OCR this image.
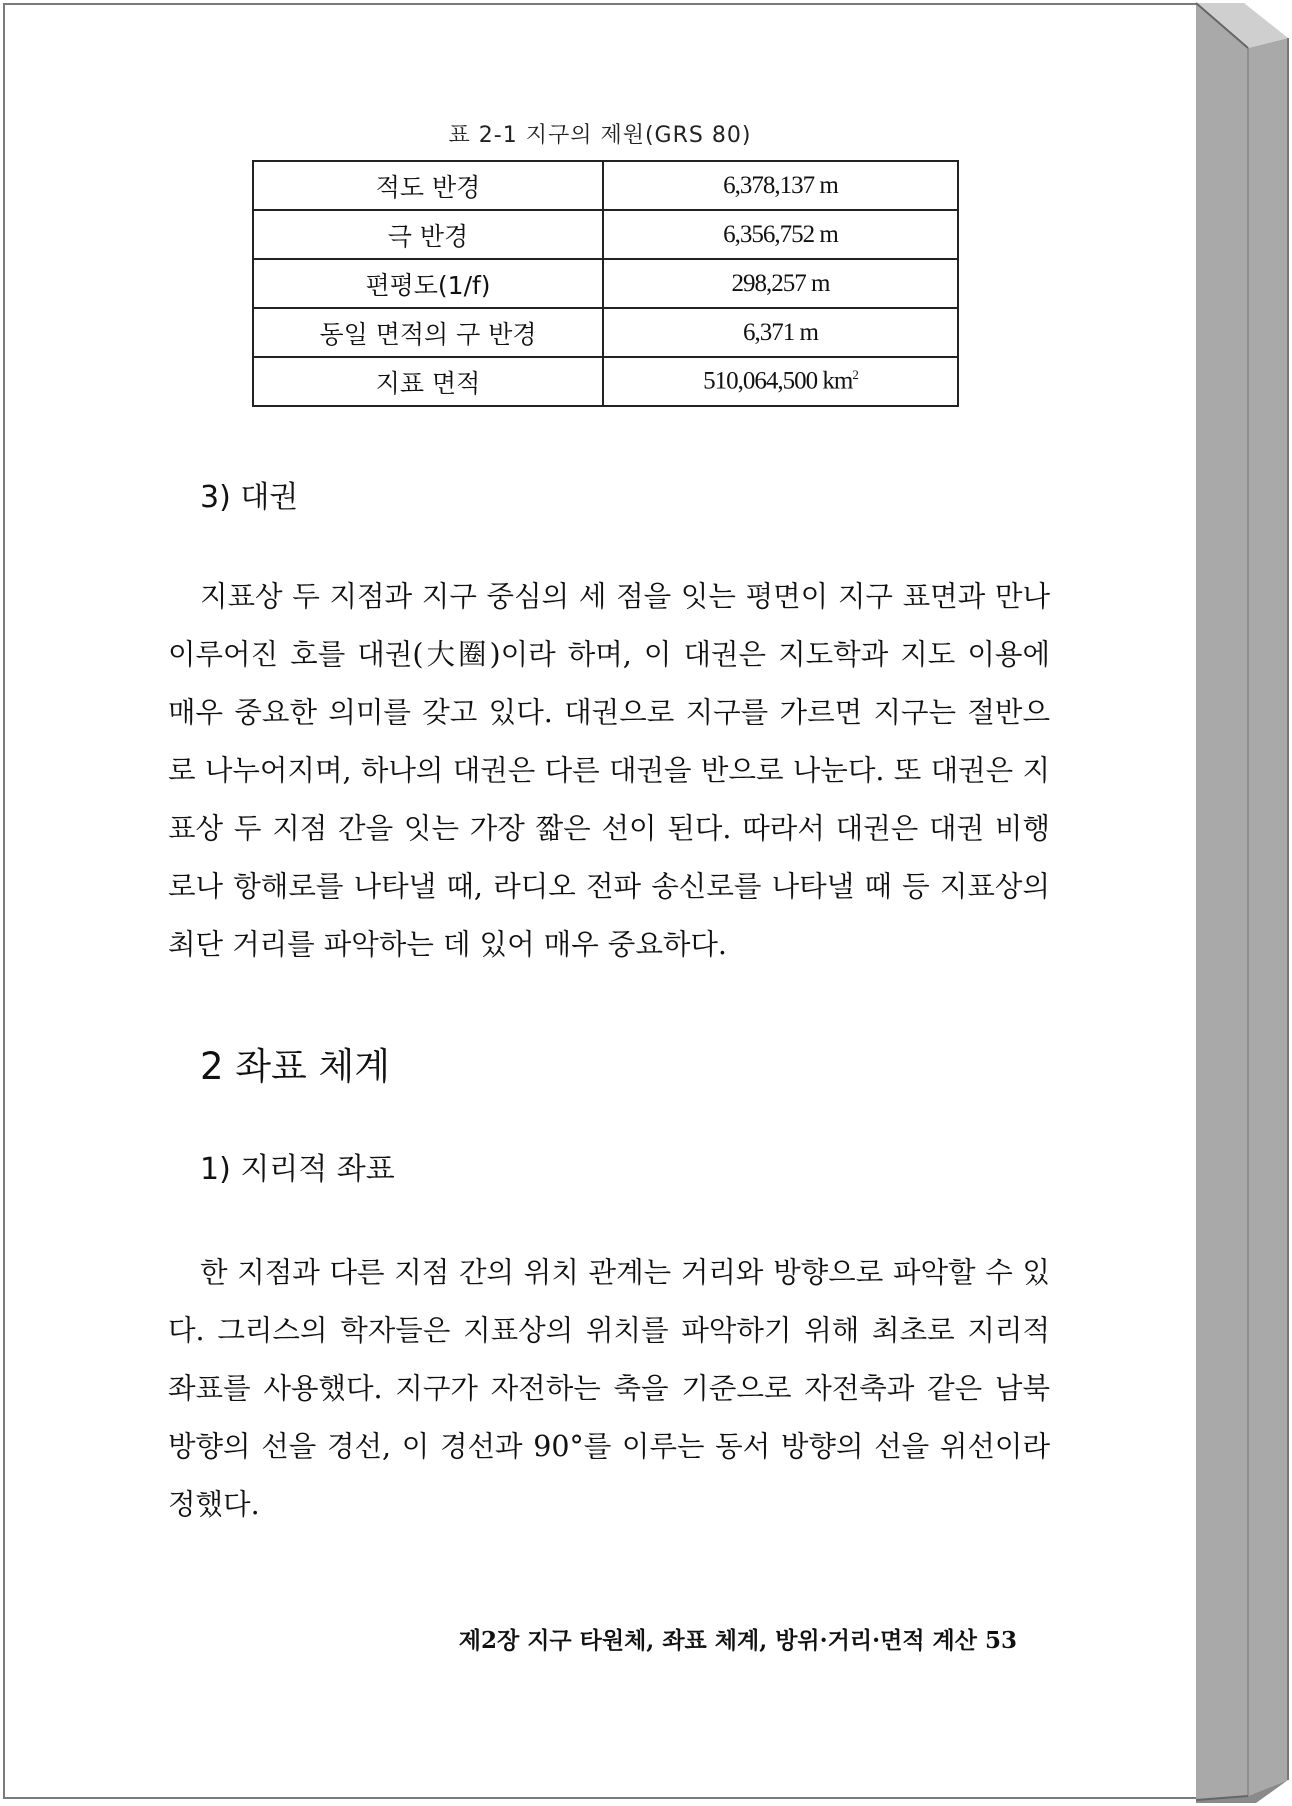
표 2-1 지구의 제원(GRS 80)
적도 반경	6,378,137 m
극 반경	6,356,752 m
편평도(1/f)	298,257 m
동일 면적의 구 반경	6,371 m
지표 면적	510,064,500 $km^2$
3) 대권
지표상 두 지점과 지구 중심의 세 점을 잇는 평면이 지구 표면과 만나 이루어진 호를 대권(大圈)이라 하며, 이 대권은 지도학과 지도 이용에 매우 중요한 의미를 갖고 있다. 대권으로 지구를 가르면 지구는 절반으로 나누어지며, 하나의 대권은 다른 대권을 반으로 나눈다. 또 대권은 지표상 두 지점 간을 잇는 가장 짧은 선이 된다. 따라서 대권은 대권 비행로나 항해로를 나타낼 때, 라디오 전파 송신로를 나타낼 때 등 지표상의 최단 거리를 파악하는 데 있어 매우 중요하다.
2 좌표 체계
1) 지리적 좌표
한 지점과 다른 지점 간의 위치 관계는 거리와 방향으로 파악할 수 있다. 그리스의 학자들은 지표상의 위치를 파악하기 위해 최초로 지리적 좌표를 사용했다. 지구가 자전하는 축을 기준으로 자전축과 같은 남북 방향의 선을 경선, 이 경선과 90°를 이루는 동서 방향의 선을 위선이라 정했다.
제2장 지구 타원체, 좌표 체계, 방위·거리·면적 계산 53
